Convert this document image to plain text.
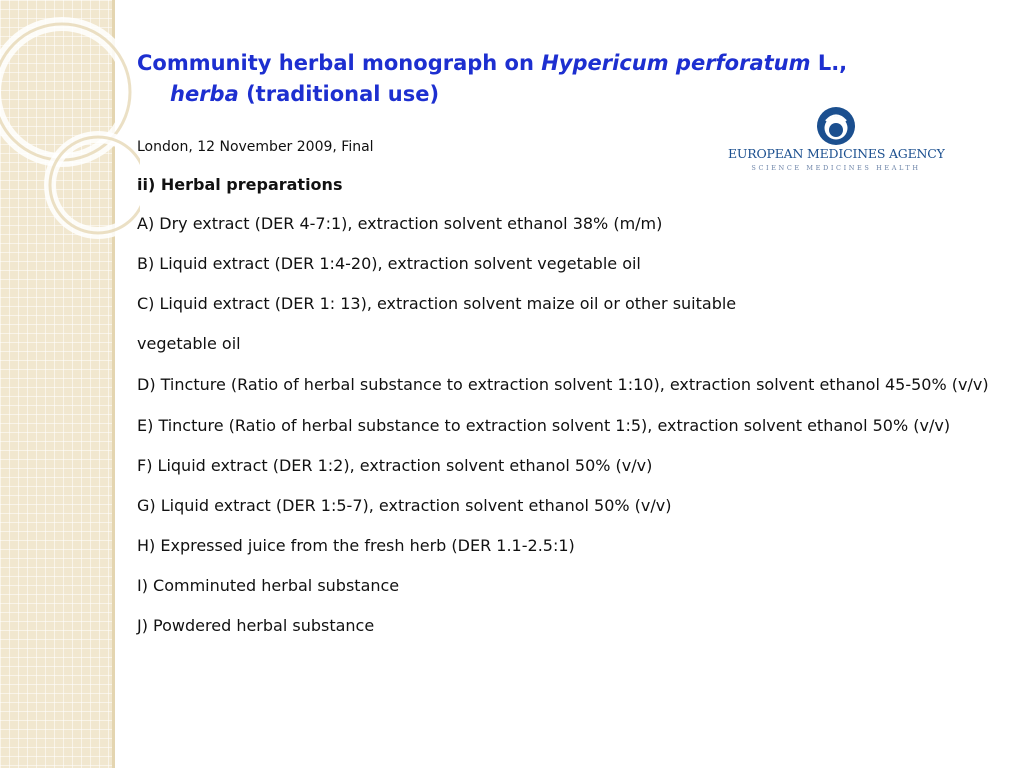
Community herbal monograph on Hypericum perforatum L.,
herba (traditional use)
EUROPEAN MEDICINES AGENCY
SCIENCE MEDICINES HEALTH

London, 12 November 2009, Final

ii) Herbal preparations

A) Dry extract (DER 4-7:1), extraction solvent ethanol 38% (m/m)

B) Liquid extract (DER 1:4-20), extraction solvent vegetable oil

C) Liquid extract (DER 1: 13), extraction solvent maize oil or other suitable

vegetable oil

D) Tincture (Ratio of herbal substance to extraction solvent 1:10), extraction solvent ethanol 45-50% (v/v)

E) Tincture (Ratio of herbal substance to extraction solvent 1:5), extraction solvent ethanol 50% (v/v)

F) Liquid extract (DER 1:2), extraction solvent ethanol 50% (v/v)

G) Liquid extract (DER 1:5-7), extraction solvent ethanol 50% (v/v)

H) Expressed juice from the fresh herb (DER 1.1-2.5:1)

I) Comminuted herbal substance

J) Powdered herbal substance
